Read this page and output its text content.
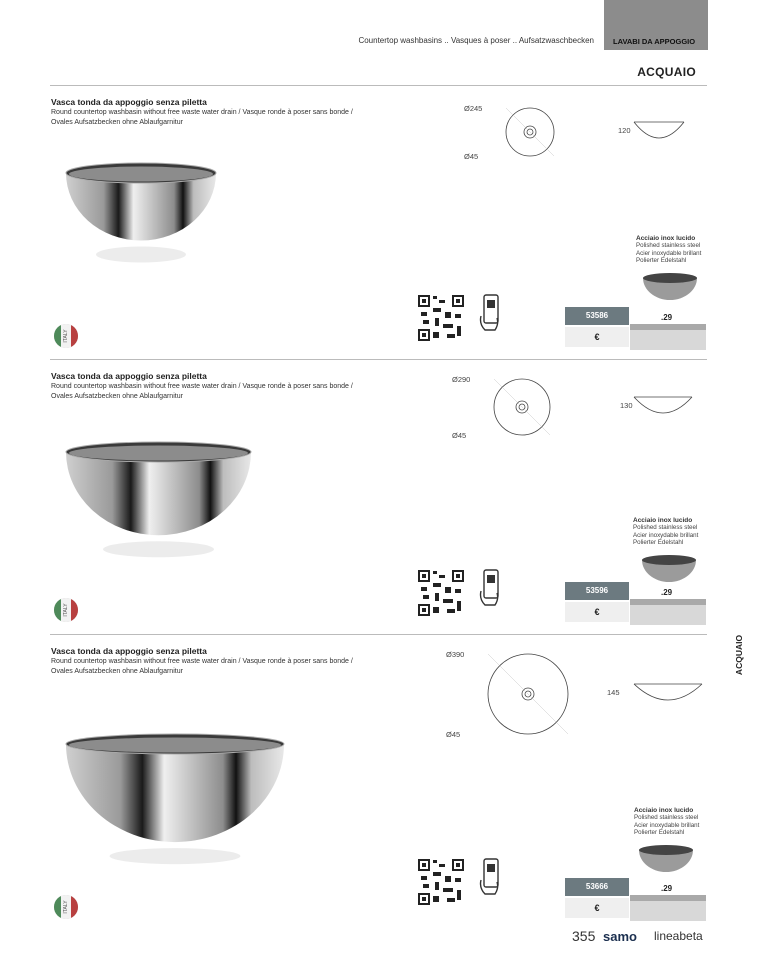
Countertop washbasins .. Vasques à poser .. Aufsatzwaschbecken	LAVABI DA APPOGGIO
ACQUAIO
ACQUAIO
Vasca tonda da appoggio senza piletta
Round countertop washbasin without free waste water drain / Vasque ronde à poser sans bonde /
Ovales Aufsatzbecken ohne Ablaufgarnitur
Ø245
Ø45
120
Acciaio inox lucido
Polished stainless steel
Acier inoxydable brillant
Polierter Edelstahl
53586
€
.29
ITALY
Vasca tonda da appoggio senza piletta
Round countertop washbasin without free waste water drain / Vasque ronde à poser sans bonde /
Ovales Aufsatzbecken ohne Ablaufgarnitur
Ø290
Ø45
130
Acciaio inox lucido
Polished stainless steel
Acier inoxydable brillant
Polierter Edelstahl
53596
€
.29
ITALY
Vasca tonda da appoggio senza piletta
Round countertop washbasin without free waste water drain / Vasque ronde à poser sans bonde /
Ovales Aufsatzbecken ohne Ablaufgarnitur
Ø390
Ø45
145
Acciaio inox lucido
Polished stainless steel
Acier inoxydable brillant
Polierter Edelstahl
53666
€
.29
ITALY
355 samo lineabeta
